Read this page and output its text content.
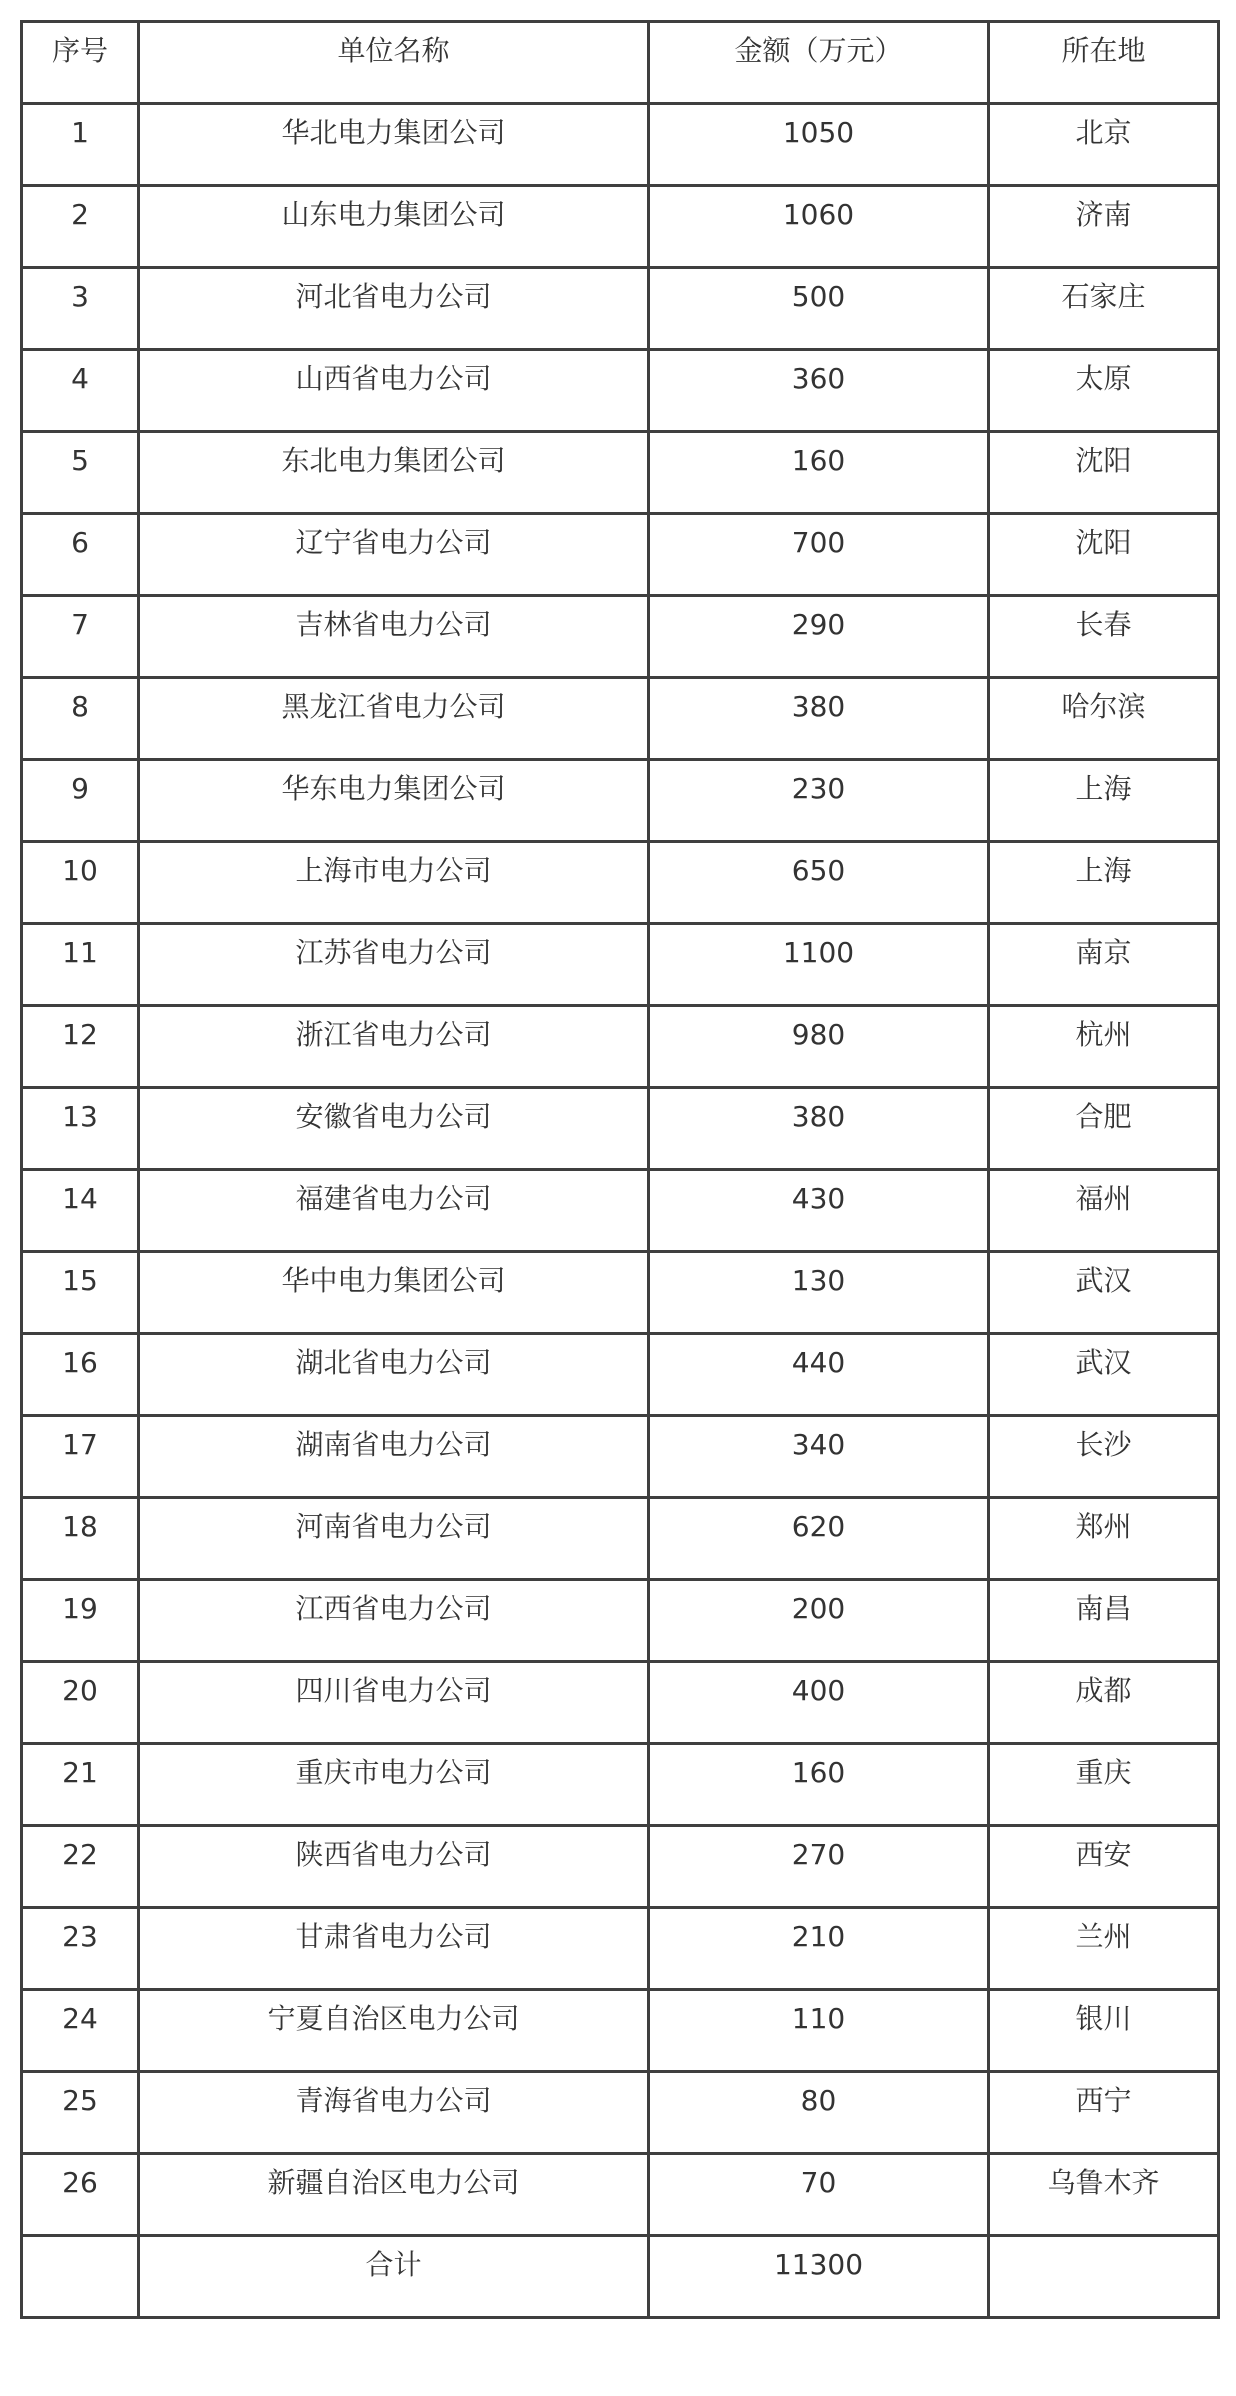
序号	单位名称	金额（万元）	所在地

1	华北电力集团公司	1050	北京

2	山东电力集团公司	1060	济南

3	河北省电力公司	500	石家庄

4	山西省电力公司	360	太原

5	东北电力集团公司	160	沈阳

6	辽宁省电力公司	700	沈阳

7	吉林省电力公司	290	长春

8	黑龙江省电力公司	380	哈尔滨

9	华东电力集团公司	230	上海

10	上海市电力公司	650	上海

11	江苏省电力公司	1100	南京

12	浙江省电力公司	980	杭州

13	安徽省电力公司	380	合肥

14	福建省电力公司	430	福州

15	华中电力集团公司	130	武汉

16	湖北省电力公司	440	武汉

17	湖南省电力公司	340	长沙

18	河南省电力公司	620	郑州

19	江西省电力公司	200	南昌

20	四川省电力公司	400	成都

21	重庆市电力公司	160	重庆

22	陕西省电力公司	270	西安

23	甘肃省电力公司	210	兰州

24	宁夏自治区电力公司	110	银川

25	青海省电力公司	80	西宁

26	新疆自治区电力公司	70	乌鲁木齐

	合计	11300	
